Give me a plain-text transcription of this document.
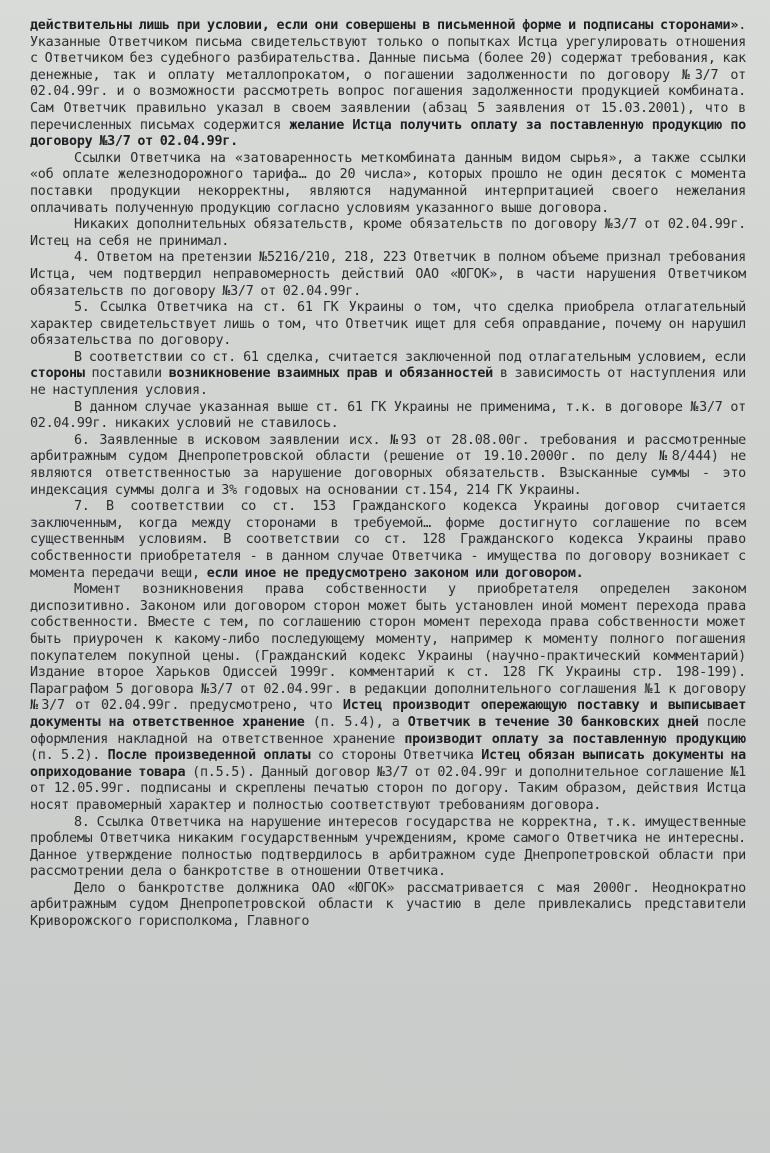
действительны лишь при условии, если они совершены в письменной форме и подписаны сторонами». Указанные Ответчиком письма свидетельствуют только о попытках Истца урегулировать отношения с Ответчиком без судебного разбирательства. Данные письма (более 20) содержат требования, как денежные, так и оплату металлопрокатом, о погашении задолженности по договору №3/7 от 02.04.99г. и о возможности рассмотреть вопрос погашения задолженности продукцией комбината. Сам Ответчик правильно указал в своем заявлении (абзац 5 заявления от 15.03.2001), что в перечисленных письмах содержится желание Истца получить оплату за поставленную продукцию по договору №3/7 от 02.04.99г.

Ссылки Ответчика на «затоваренность меткомбината данным видом сырья», а также ссылки «об оплате железнодорожного тарифа… до 20 числа», которых прошло не один десяток с момента поставки продукции некорректны, являются надуманной интерпритацией своего нежелания оплачивать полученную продукцию согласно условиям указанного выше договора.

Никаких дополнительных обязательств, кроме обязательств по договору №3/7 от 02.04.99г. Истец на себя не принимал.

4. Ответом на претензии №5216/210, 218, 223 Ответчик в полном объеме признал требования Истца, чем подтвердил неправомерность действий ОАО «ЮГОК», в части нарушения Ответчиком обязательств по договору №3/7 от 02.04.99г.

5. Ссылка Ответчика на ст. 61 ГК Украины о том, что сделка приобрела отлагательный характер свидетельствует лишь о том, что Ответчик ищет для себя оправдание, почему он нарушил обязательства по договору.

В соответствии со ст. 61 сделка, считается заключенной под отлагательным условием, если стороны поставили возникновение взаимных прав и обязанностей в зависимость от наступления или не наступления условия.

В данном случае указанная выше ст. 61 ГК Украины не применима, т.к. в договоре №3/7 от 02.04.99г. никаких условий не ставилось.

6. Заявленные в исковом заявлении исх. №93 от 28.08.00г. требования и рассмотренные арбитражным судом Днепропетровской области (решение от 19.10.2000г. по делу №8/444) не являются ответственностью за нарушение договорных обязательств. Взысканные суммы - это индексация суммы долга и 3% годовых на основании ст.154, 214 ГК Украины.

7. В соответствии со ст. 153 Гражданского кодекса Украины договор считается заключенным, когда между сторонами в требуемой… форме достигнуто соглашение по всем существенным условиям. В соответствии со ст. 128 Гражданского кодекса Украины право собственности приобретателя - в данном случае Ответчика - имущества по договору возникает с момента передачи вещи, если иное не предусмотрено законом или договором.

Момент возникновения права собственности у приобретателя определен законом диспозитивно. Законом или договором сторон может быть установлен иной момент перехода права собственности. Вместе с тем, по соглашению сторон момент перехода права собственности может быть приурочен к какому-либо последующему моменту, например к моменту полного погашения покупателем покупной цены. (Гражданский кодекс Украины (научно-практический комментарий) Издание второе Харьков Одиссей 1999г. комментарий к ст. 128 ГК Украины стр. 198-199). Параграфом 5 договора №3/7 от 02.04.99г. в редакции дополнительного соглашения №1 к договору №3/7 от 02.04.99г. предусмотрено, что Истец производит опережающую поставку и выписывает документы на ответственное хранение (п. 5.4), а Ответчик в течение 30 банковских дней после оформления накладной на ответственное хранение производит оплату за поставленную продукцию (п. 5.2). После произведенной оплаты со стороны Ответчика Истец обязан выписать документы на оприходование товара (п.5.5). Данный договор №3/7 от 02.04.99г и дополнительное соглашение №1 от 12.05.99г. подписаны и скреплены печатью сторон по догору. Таким образом, действия Истца носят правомерный характер и полностью соответствуют требованиям договора.

8. Ссылка Ответчика на нарушение интересов государства не корректна, т.к. имущественные проблемы Ответчика никаким государственным учреждениям, кроме самого Ответчика не интересны. Данное утверждение полностью подтвердилось в арбитражном суде Днепропетровской области при рассмотрении дела о банкротстве в отношении Ответчика.

Дело о банкротстве должника ОАО «ЮГОК» рассматривается с мая 2000г. Неоднократно арбитражным судом Днепропетровской области к участию в деле привлекались представители Криворожского горисполкома, Главного
